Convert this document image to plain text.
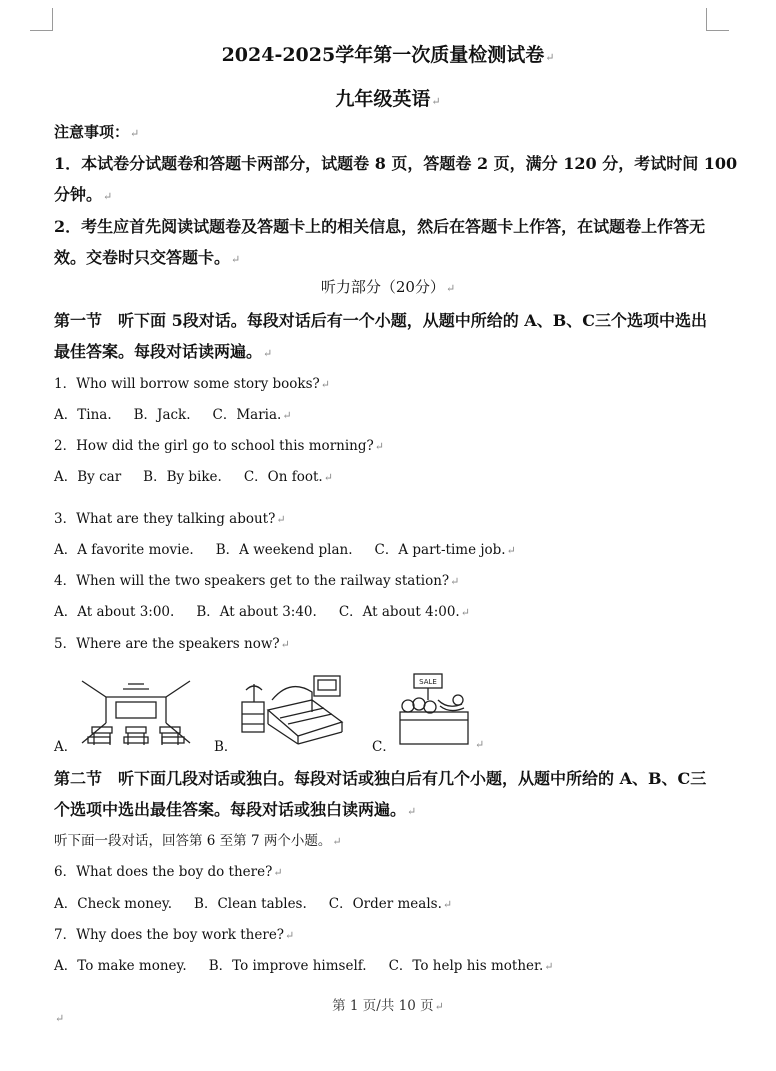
2024-2025学年第一次质量检测试卷↵
九年级英语↵
注意事项：↵
1．本试卷分试题卷和答题卡两部分，试题卷 8 页，答题卷 2 页，满分 120 分，考试时间 100
分钟。↵
2．考生应首先阅读试题卷及答题卡上的相关信息，然后在答题卡上作答，在试题卷上作答无
效。交卷时只交答题卡。↵
听力部分（20分）↵
第一节　听下面 5段对话。每段对话后有一个小题，从题中所给的 A、B、C三个选项中选出
最佳答案。每段对话读两遍。↵
1．Who will borrow some story books?↵
A．Tina. B．Jack. C．Maria.↵
2．How did the girl go to school this morning?↵
A．By car B．By bike. C．On foot.↵
3．What are they talking about?↵
A．A favorite movie. B．A weekend plan. C．A part-time job.↵
4．When will the two speakers get to the railway station?↵
A．At about 3:00. B．At about 3:40. C．At about 4:00.↵
5．Where are the speakers now?↵
A．	B．	C．
SALE
↵
第二节　听下面几段对话或独白。每段对话或独白后有几个小题，从题中所给的 A、B、C三
个选项中选出最佳答案。每段对话或独白读两遍。↵
听下面一段对话，回答第 6 至第 7 两个小题。↵
6．What does the boy do there?↵
A．Check money. B．Clean tables. C．Order meals.↵
7．Why does the boy work there?↵
A．To make money. B．To improve himself. C．To help his mother.↵
第 1 页/共 10 页↵
↵
